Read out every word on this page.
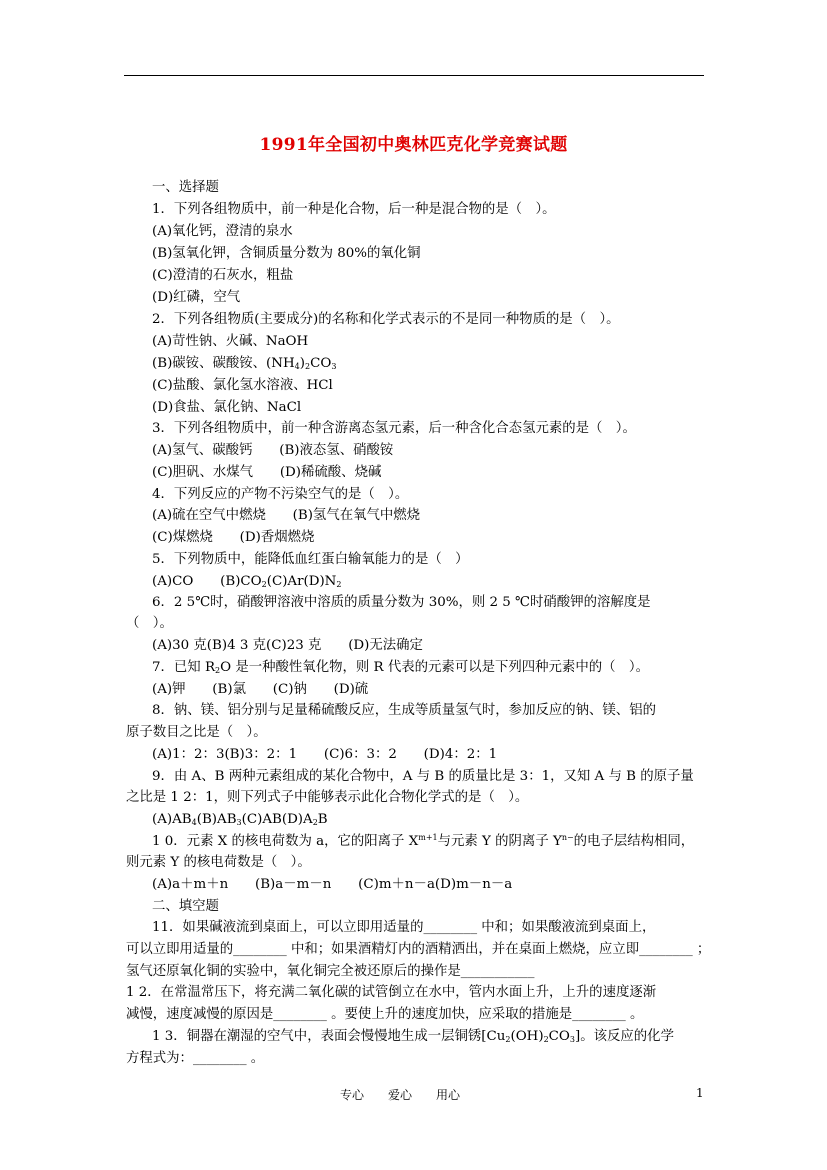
1991年全国初中奥林匹克化学竞赛试题
一、选择题
1．下列各组物质中，前一种是化合物，后一种是混合物的是（　）。
(A)氧化钙，澄清的泉水
(B)氢氧化钾，含铜质量分数为 80%的氧化铜
(C)澄清的石灰水，粗盐
(D)红磷，空气
2．下列各组物质(主要成分)的名称和化学式表示的不是同一种物质的是（　）。
(A)苛性钠、火碱、NaOH
(B)碳铵、碳酸铵、$(NH_4)_2CO_3$
(C)盐酸、氯化氢水溶液、HCl
(D)食盐、氯化钠、NaCl
3．下列各组物质中，前一种含游离态氢元素，后一种含化合态氢元素的是（　）。
(A)氢气、碳酸钙　　(B)液态氢、硝酸铵
(C)胆矾、水煤气　　(D)稀硫酸、烧碱
4．下列反应的产物不污染空气的是（　）。
(A)硫在空气中燃烧　　(B)氢气在氧气中燃烧
(C)煤燃烧　　(D)香烟燃烧
5．下列物质中，能降低血红蛋白输氧能力的是（　）
(A)CO　　$(B)CO_2(C)Ar(D)N_2$
6．2 5℃时，硝酸钾溶液中溶质的质量分数为 30%，则 2 5 ℃时硝酸钾的溶解度是
（　）。
(A)30 克(B)4 3 克(C)23 克　　(D)无法确定
7．已知 $R_2O$ 是一种酸性氧化物，则 R 代表的元素可以是下列四种元素中的（　）。
(A)钾　　(B)氯　　(C)钠　　(D)硫
8．钠、镁、铝分别与足量稀硫酸反应，生成等质量氢气时，参加反应的钠、镁、铝的
原子数目之比是（　）。
(A)1：2：3(B)3：2：1　　(C)6：3：2　　(D)4：2：1
9．由 A、B 两种元素组成的某化合物中，A 与 B 的质量比是 3：1，又知 A 与 B 的原子量
之比是 1 2：1，则下列式子中能够表示此化合物化学式的是（　）。
$(A)AB_4(B)AB_3(C)AB(D)A_2B$
1 0．元素 X 的核电荷数为 a，它的阳离子 $X^{m+1}$与元素 Y 的阴离子 $Y^{n-}$的电子层结构相同，
则元素 Y 的核电荷数是（　）。
(A)a＋m＋n　　(B)a－m－n　　(C)m＋n－a(D)m－n－a
二、填空题
11．如果碱液流到桌面上，可以立即用适量的________ 中和；如果酸液流到桌面上，
可以立即用适量的________ 中和；如果酒精灯内的酒精洒出，并在桌面上燃烧，应立即________ ；
氢气还原氧化铜的实验中，氧化铜完全被还原后的操作是___________
1 2．在常温常压下，将充满二氧化碳的试管倒立在水中，管内水面上升，上升的速度逐渐
减慢，速度减慢的原因是________ 。要使上升的速度加快，应采取的措施是________ 。
1 3．铜器在潮湿的空气中，表面会慢慢地生成一层铜锈$[Cu_2(OH)_2CO_3]$。该反应的化学
方程式为：________ 。
专心　　爱心　　用心	1
